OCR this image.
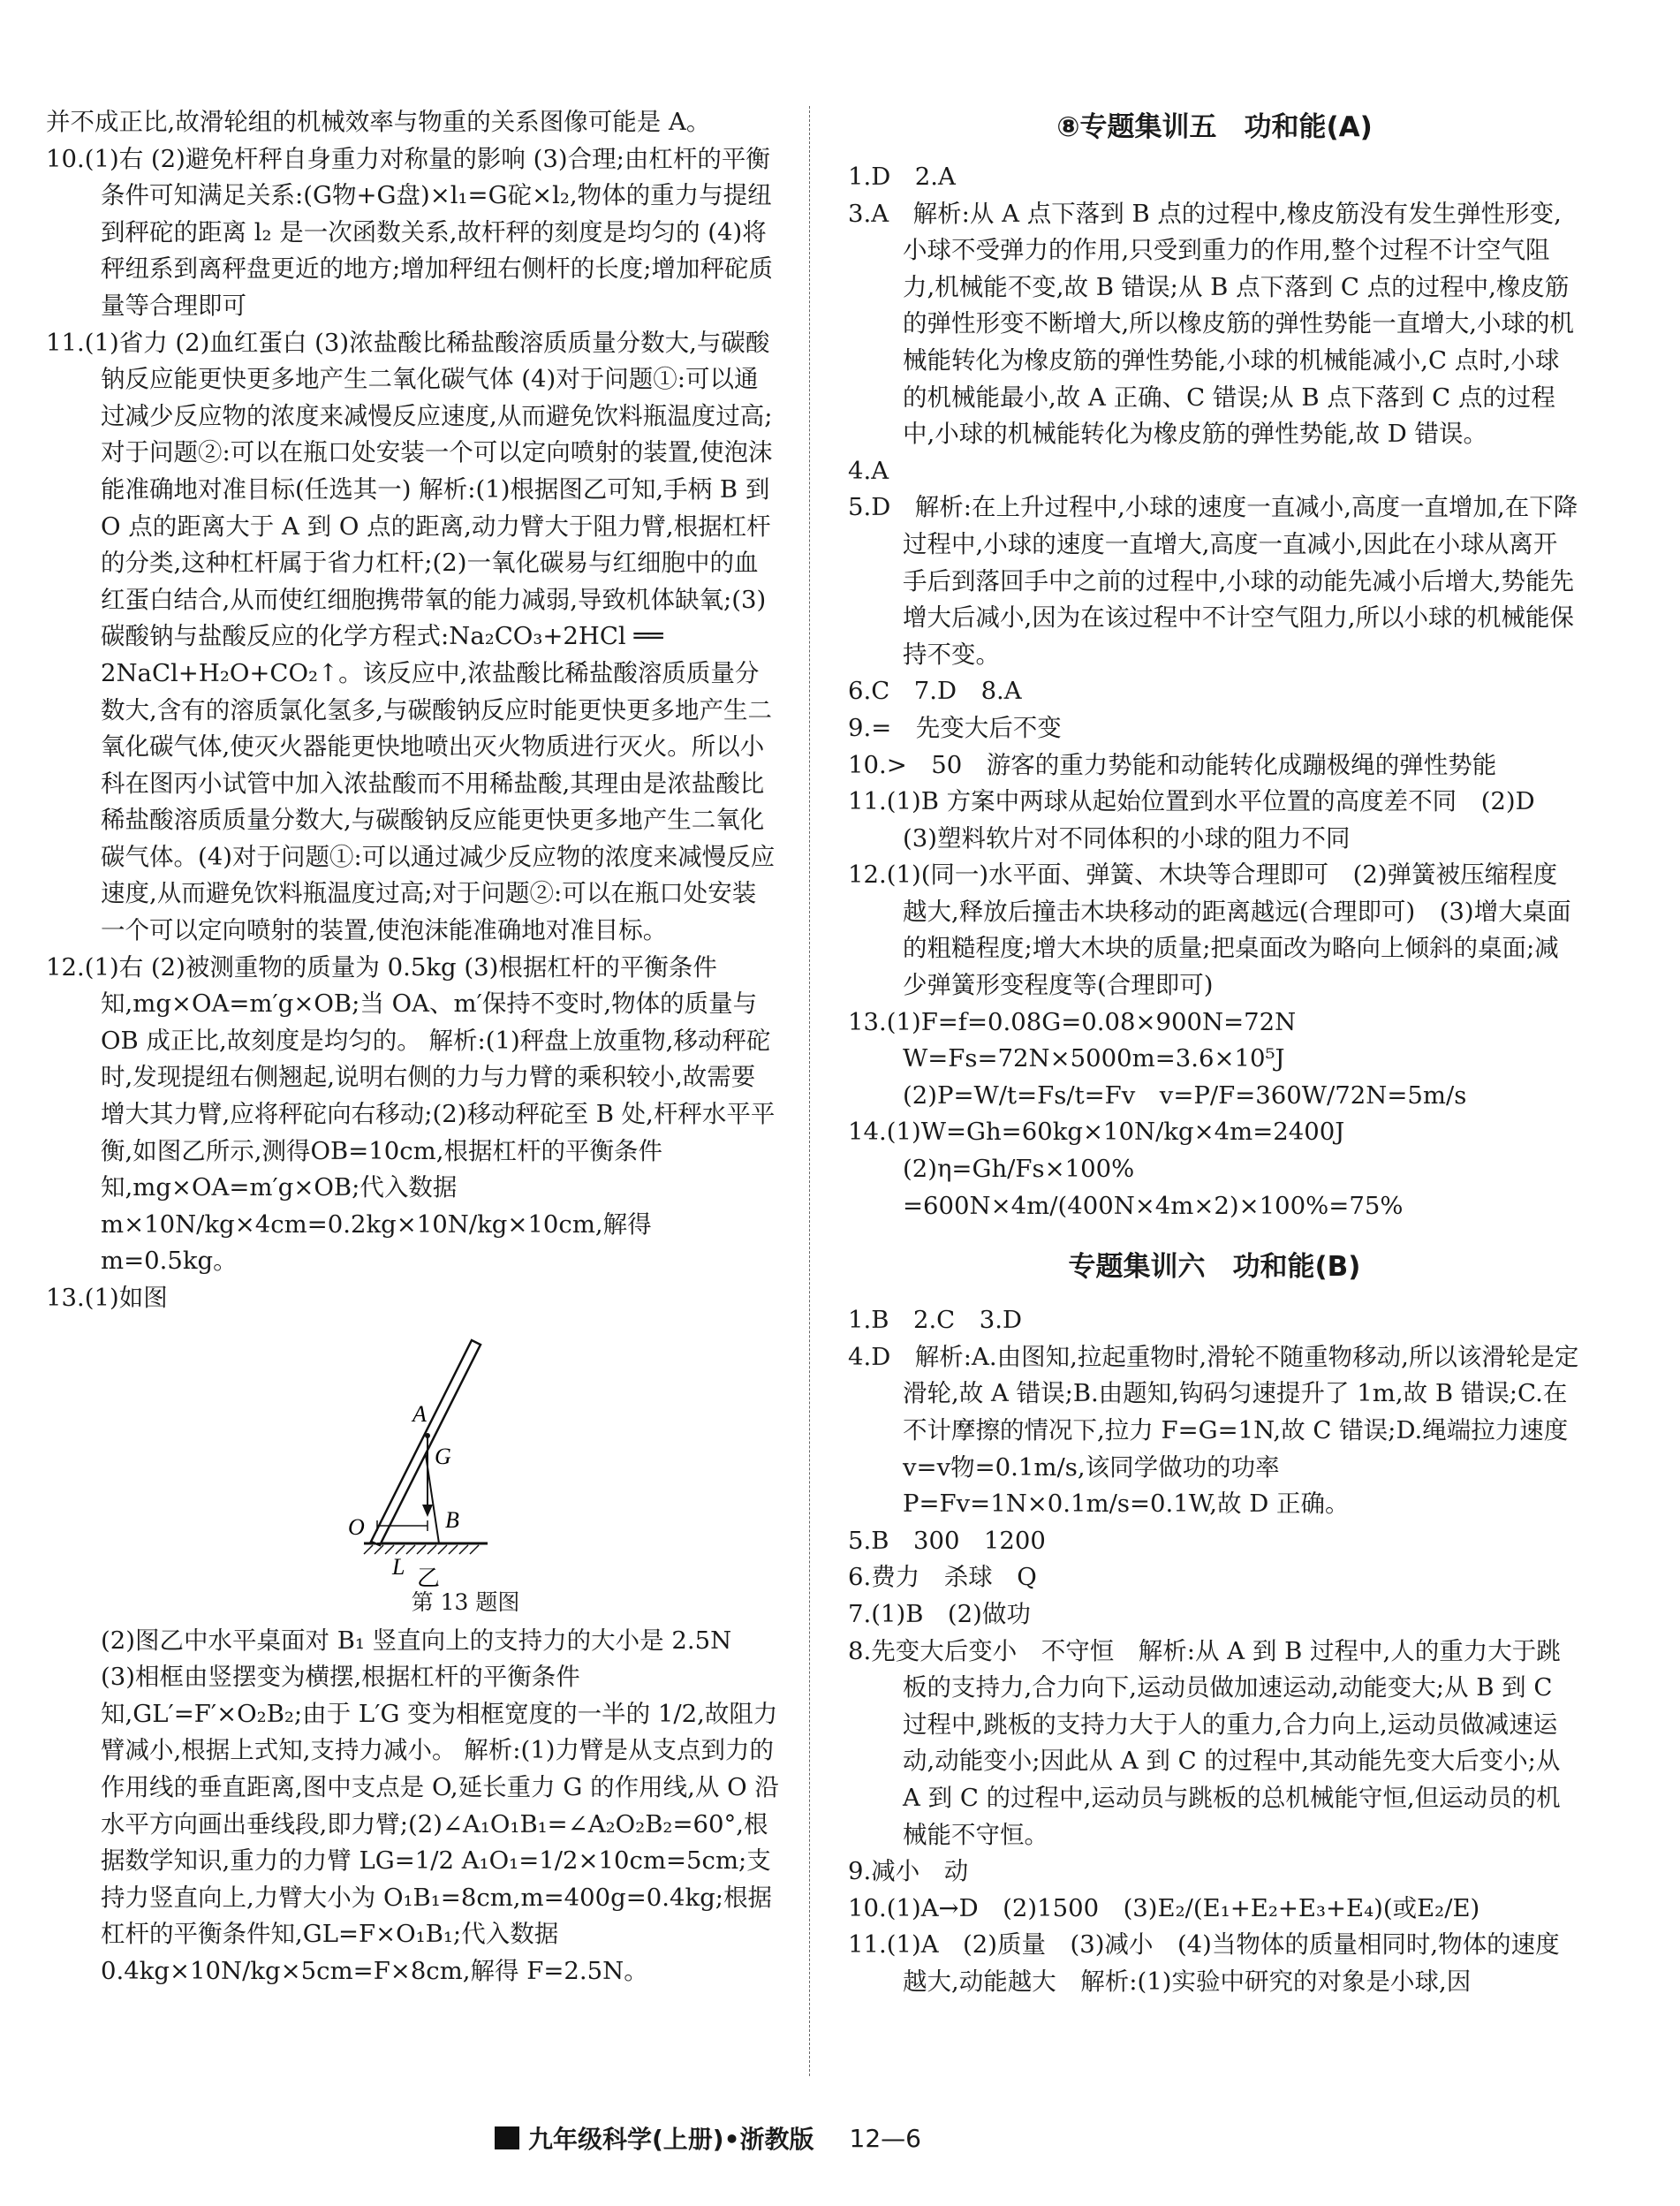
并不成正比,故滑轮组的机械效率与物重的关系图像可能是 A。

10.(1)右 (2)避免杆秤自身重力对称量的影响 (3)合理;由杠杆的平衡条件可知满足关系:(G物+G盘)×l₁=G砣×l₂,物体的重力与提纽到秤砣的距离 l₂ 是一次函数关系,故杆秤的刻度是均匀的 (4)将秤纽系到离秤盘更近的地方;增加秤纽右侧杆的长度;增加秤砣质量等合理即可

11.(1)省力 (2)血红蛋白 (3)浓盐酸比稀盐酸溶质质量分数大,与碳酸钠反应能更快更多地产生二氧化碳气体 (4)对于问题①:可以通过减少反应物的浓度来减慢反应速度,从而避免饮料瓶温度过高;对于问题②:可以在瓶口处安装一个可以定向喷射的装置,使泡沫能准确地对准目标(任选其一) 解析:(1)根据图乙可知,手柄 B 到 O 点的距离大于 A 到 O 点的距离,动力臂大于阻力臂,根据杠杆的分类,这种杠杆属于省力杠杆;(2)一氧化碳易与红细胞中的血红蛋白结合,从而使红细胞携带氧的能力减弱,导致机体缺氧;(3)碳酸钠与盐酸反应的化学方程式:Na₂CO₃+2HCl ══ 2NaCl+H₂O+CO₂↑。该反应中,浓盐酸比稀盐酸溶质质量分数大,含有的溶质氯化氢多,与碳酸钠反应时能更快更多地产生二氧化碳气体,使灭火器能更快地喷出灭火物质进行灭火。所以小科在图丙小试管中加入浓盐酸而不用稀盐酸,其理由是浓盐酸比稀盐酸溶质质量分数大,与碳酸钠反应能更快更多地产生二氧化碳气体。(4)对于问题①:可以通过减少反应物的浓度来减慢反应速度,从而避免饮料瓶温度过高;对于问题②:可以在瓶口处安装一个可以定向喷射的装置,使泡沫能准确地对准目标。

12.(1)右 (2)被测重物的质量为 0.5kg (3)根据杠杆的平衡条件知,mg×OA=m′g×OB;当 OA、m′保持不变时,物体的质量与 OB 成正比,故刻度是均匀的。 解析:(1)秤盘上放重物,移动秤砣时,发现提纽右侧翘起,说明右侧的力与力臂的乘积较小,故需要增大其力臂,应将秤砣向右移动;(2)移动秤砣至 B 处,杆秤水平平衡,如图乙所示,测得OB=10cm,根据杠杆的平衡条件知,mg×OA=m′g×OB;代入数据 m×10N/kg×4cm=0.2kg×10N/kg×10cm,解得 m=0.5kg。

13.(1)如图

A
G
O	B
L 乙

第 13 题图

(2)图乙中水平桌面对 B₁ 竖直向上的支持力的大小是 2.5N

(3)相框由竖摆变为横摆,根据杠杆的平衡条件知,GL′=F′×O₂B₂;由于 L′G 变为相框宽度的一半的 1/2,故阻力臂减小,根据上式知,支持力减小。 解析:(1)力臂是从支点到力的作用线的垂直距离,图中支点是 O,延长重力 G 的作用线,从 O 沿水平方向画出垂线段,即力臂;(2)∠A₁O₁B₁=∠A₂O₂B₂=60°,根据数学知识,重力的力臂 LG=1/2 A₁O₁=1/2×10cm=5cm;支持力竖直向上,力臂大小为 O₁B₁=8cm,m=400g=0.4kg;根据杠杆的平衡条件知,GL=F×O₁B₁;代入数据 0.4kg×10N/kg×5cm=F×8cm,解得 F=2.5N。

⑧专题集训五　功和能(A)

1.D　2.A

3.A　解析:从 A 点下落到 B 点的过程中,橡皮筋没有发生弹性形变,小球不受弹力的作用,只受到重力的作用,整个过程不计空气阻力,机械能不变,故 B 错误;从 B 点下落到 C 点的过程中,橡皮筋的弹性形变不断增大,所以橡皮筋的弹性势能一直增大,小球的机械能转化为橡皮筋的弹性势能,小球的机械能减小,C 点时,小球的机械能最小,故 A 正确、C 错误;从 B 点下落到 C 点的过程中,小球的机械能转化为橡皮筋的弹性势能,故 D 错误。

4.A

5.D　解析:在上升过程中,小球的速度一直减小,高度一直增加,在下降过程中,小球的速度一直增大,高度一直减小,因此在小球从离开手后到落回手中之前的过程中,小球的动能先减小后增大,势能先增大后减小,因为在该过程中不计空气阻力,所以小球的机械能保持不变。

6.C　7.D　8.A

9.=　先变大后不变

10.>　50　游客的重力势能和动能转化成蹦极绳的弹性势能

11.(1)B 方案中两球从起始位置到水平位置的高度差不同　(2)D　(3)塑料软片对不同体积的小球的阻力不同

12.(1)(同一)水平面、弹簧、木块等合理即可　(2)弹簧被压缩程度越大,释放后撞击木块移动的距离越远(合理即可)　(3)增大桌面的粗糙程度;增大木块的质量;把桌面改为略向上倾斜的桌面;减少弹簧形变程度等(合理即可)

13.(1)F=f=0.08G=0.08×900N=72N　W=Fs=72N×5000m=3.6×10⁵J

(2)P=W/t=Fs/t=Fv　v=P/F=360W/72N=5m/s

14.(1)W=Gh=60kg×10N/kg×4m=2400J　(2)η=Gh/Fs×100%

=600N×4m/(400N×4m×2)×100%=75%

专题集训六　功和能(B)

1.B　2.C　3.D

4.D　解析:A.由图知,拉起重物时,滑轮不随重物移动,所以该滑轮是定滑轮,故 A 错误;B.由题知,钩码匀速提升了 1m,故 B 错误;C.在不计摩擦的情况下,拉力 F=G=1N,故 C 错误;D.绳端拉力速度 v=v物=0.1m/s,该同学做功的功率 P=Fv=1N×0.1m/s=0.1W,故 D 正确。

5.B　300　1200

6.费力　杀球　Q

7.(1)B　(2)做功

8.先变大后变小　不守恒　解析:从 A 到 B 过程中,人的重力大于跳板的支持力,合力向下,运动员做加速运动,动能变大;从 B 到 C 过程中,跳板的支持力大于人的重力,合力向上,运动员做减速运动,动能变小;因此从 A 到 C 的过程中,其动能先变大后变小;从 A 到 C 的过程中,运动员与跳板的总机械能守恒,但运动员的机械能不守恒。

9.减小　动

10.(1)A→D　(2)1500　(3)E₂/(E₁+E₂+E₃+E₄)(或E₂/E)

11.(1)A　(2)质量　(3)减小　(4)当物体的质量相同时,物体的速度越大,动能越大　解析:(1)实验中研究的对象是小球,因

九年级科学(上册)•浙教版 12—6
